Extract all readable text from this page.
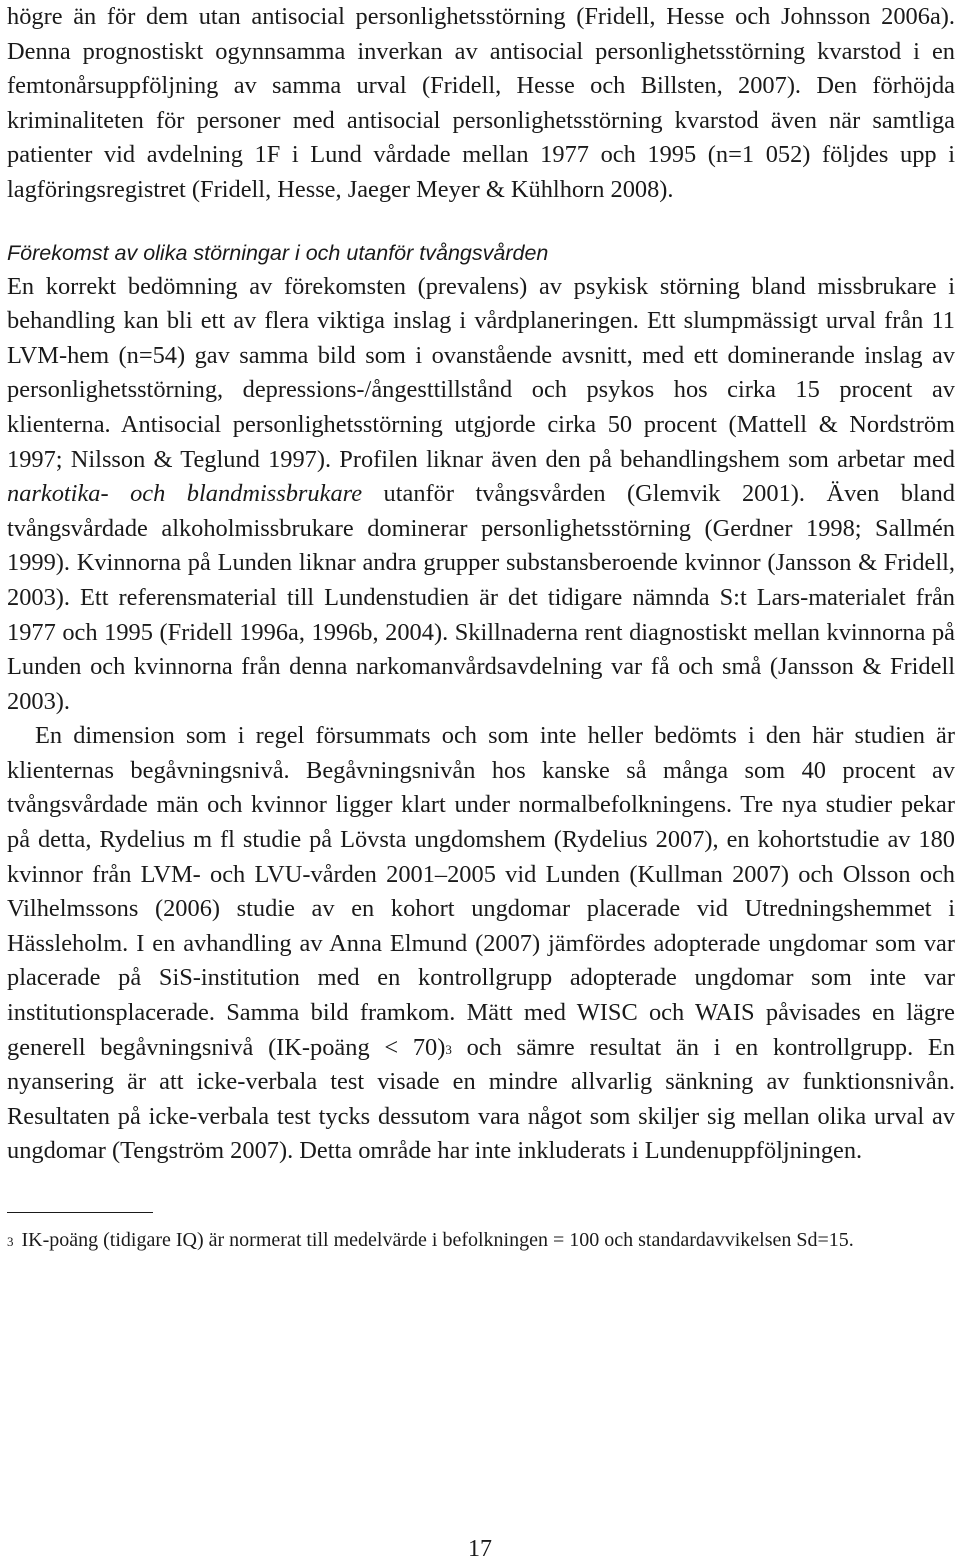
högre än för dem utan antisocial personlighetsstörning (Fridell, Hesse och Johnsson 2006a). Denna prognostiskt ogynnsamma inverkan av antisocial personlighetsstörning kvarstod i en femtonårsuppföljning av samma urval (Fridell, Hesse och Billsten, 2007). Den förhöjda kriminaliteten för personer med antisocial personlighetsstörning kvarstod även när samtliga patienter vid avdelning 1F i Lund vårdade mellan 1977 och 1995 (n=1 052) följdes upp i lagföringsregistret (Fridell, Hesse, Jaeger Meyer & Kühlhorn 2008).

Förekomst av olika störningar i och utanför tvångsvården

En korrekt bedömning av förekomsten (prevalens) av psykisk störning bland missbrukare i behandling kan bli ett av flera viktiga inslag i vårdplaneringen. Ett slumpmässigt urval från 11 LVM-hem (n=54) gav samma bild som i ovanstående avsnitt, med ett dominerande inslag av personlighetsstörning, depressions-/ångesttillstånd och psykos hos cirka 15 procent av klienterna. Antisocial personlighetsstörning utgjorde cirka 50 procent (Mattell & Nordström 1997; Nilsson & Teglund 1997). Profilen liknar även den på behandlingshem som arbetar med narkotika- och blandmissbrukare utanför tvångsvården (Glemvik 2001). Även bland tvångsvårdade alkoholmissbrukare dominerar personlighetsstörning (Gerdner 1998; Sallmén 1999). Kvinnorna på Lunden liknar andra grupper substansberoende kvinnor (Jansson & Fridell, 2003). Ett referensmaterial till Lundenstudien är det tidigare nämnda S:t Lars-materialet från 1977 och 1995 (Fridell 1996a, 1996b, 2004). Skillnaderna rent diagnostiskt mellan kvinnorna på Lunden och kvinnorna från denna narkomanvårdsavdelning var få och små (Jansson & Fridell 2003).

En dimension som i regel försummats och som inte heller bedömts i den här studien är klienternas begåvningsnivå. Begåvningsnivån hos kanske så många som 40 procent av tvångsvårdade män och kvinnor ligger klart under normalbefolkningens. Tre nya studier pekar på detta, Rydelius m fl studie på Lövsta ungdomshem (Rydelius 2007), en kohortstudie av 180 kvinnor från LVM- och LVU-vården 2001–2005 vid Lunden (Kullman 2007) och Olsson och Vilhelmssons (2006) studie av en kohort ungdomar placerade vid Utredningshemmet i Hässleholm. I en avhandling av Anna Elmund (2007) jämfördes adopterade ungdomar som var placerade på SiS-institution med en kontrollgrupp adopterade ungdomar som inte var institutionsplacerade. Samma bild framkom. Mätt med WISC och WAIS påvisades en lägre generell begåvningsnivå (IK-poäng < 70)$^3$ och sämre resultat än i en kontrollgrupp. En nyansering är att icke-verbala test visade en mindre allvarlig sänkning av funktionsnivån. Resultaten på icke-verbala test tycks dessutom vara något som skiljer sig mellan olika urval av ungdomar (Tengström 2007). Detta område har inte inkluderats i Lundenuppföljningen.

$^3$ IK-poäng (tidigare IQ) är normerat till medelvärde i befolkningen = 100 och standardavvikelsen Sd=15.

17
